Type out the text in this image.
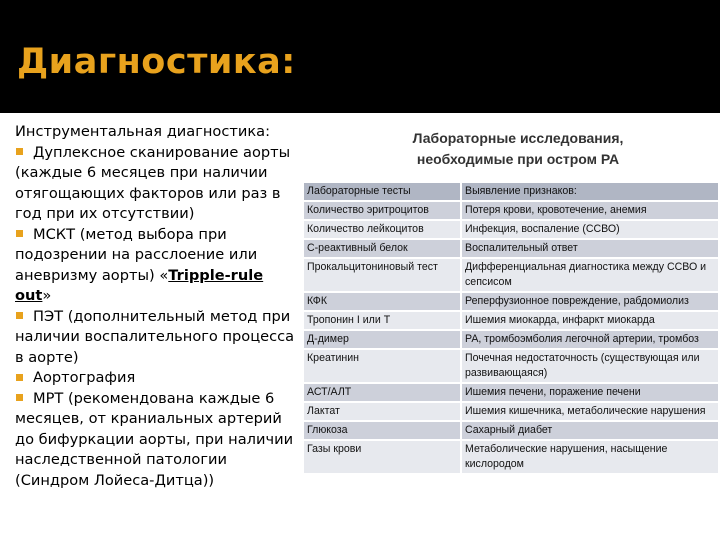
Диагностика:

Инструментальная диагностика:

Дуплексное сканирование аорты (каждые 6 месяцев при наличии отягощающих факторов или раз в год при их отсутствии)

МСКТ (метод выбора при подозрении на расслоение или аневризму аорты) «Tripple-rule out»

ПЭТ (дополнительный метод при наличии воспалительного процесса в аорте)

Аортография

МРТ (рекомендована каждые 6 месяцев, от краниальных артерий до бифуркации аорты, при наличии наследственной патологии (Синдром Лойеса-Дитца))

Лабораторные исследования,
необходимые при остром РА
Лабораторные тесты	Выявление признаков:
Количество эритроцитов	Потеря крови, кровотечение, анемия
Количество лейкоцитов	Инфекция, воспаление (ССВО)
С-реактивный белок	Воспалительный ответ
Прокальцитониновый тест	Дифференциальная диагностика между ССВО и сепсисом
КФК	Реперфузионное повреждение, рабдомиолиз
Тропонин I или T	Ишемия миокарда, инфаркт миокарда
Д-димер	РА, тромбоэмболия легочной артерии, тромбоз
Креатинин	Почечная недостаточность (существующая или развивающаяся)
АСТ/АЛТ	Ишемия печени, поражение печени
Лактат	Ишемия кишечника, метаболические нарушения
Глюкоза	Сахарный диабет
Газы крови	Метаболические нарушения, насыщение кислородом
